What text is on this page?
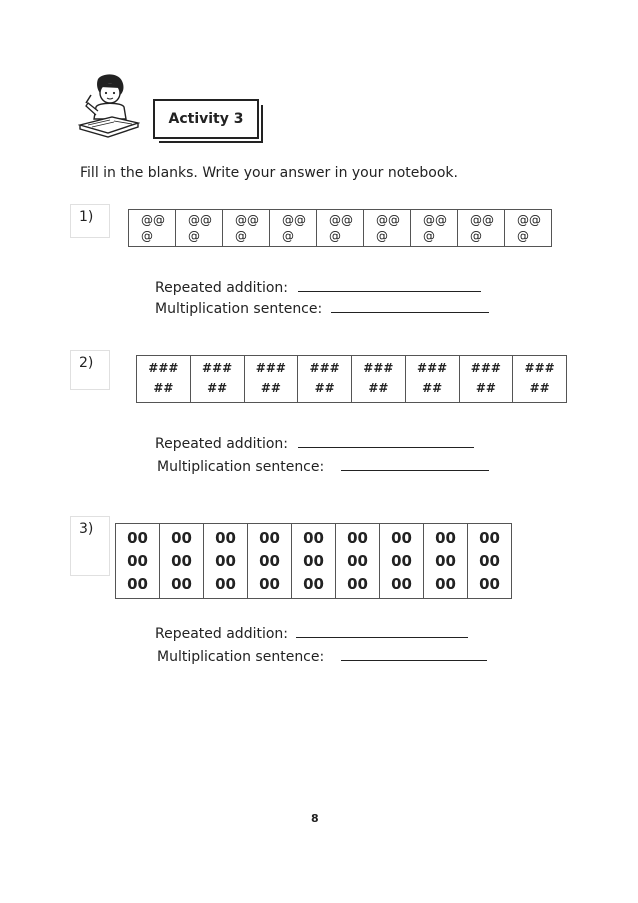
Activity 3
Fill in the blanks. Write your answer in your notebook.
1)	@@
@

@@
@

@@
@

@@
@

@@
@

@@
@

@@
@

@@
@

@@
@
Repeated addition:
Multiplication sentence:
2)	###
##

###
##

###
##

###
##

###
##

###
##

###
##

###
##
Repeated addition:
Multiplication sentence:
3)	00
00
00

00
00
00

00
00
00

00
00
00

00
00
00

00
00
00

00
00
00

00
00
00

00
00
00
Repeated addition:
Multiplication sentence:
8
